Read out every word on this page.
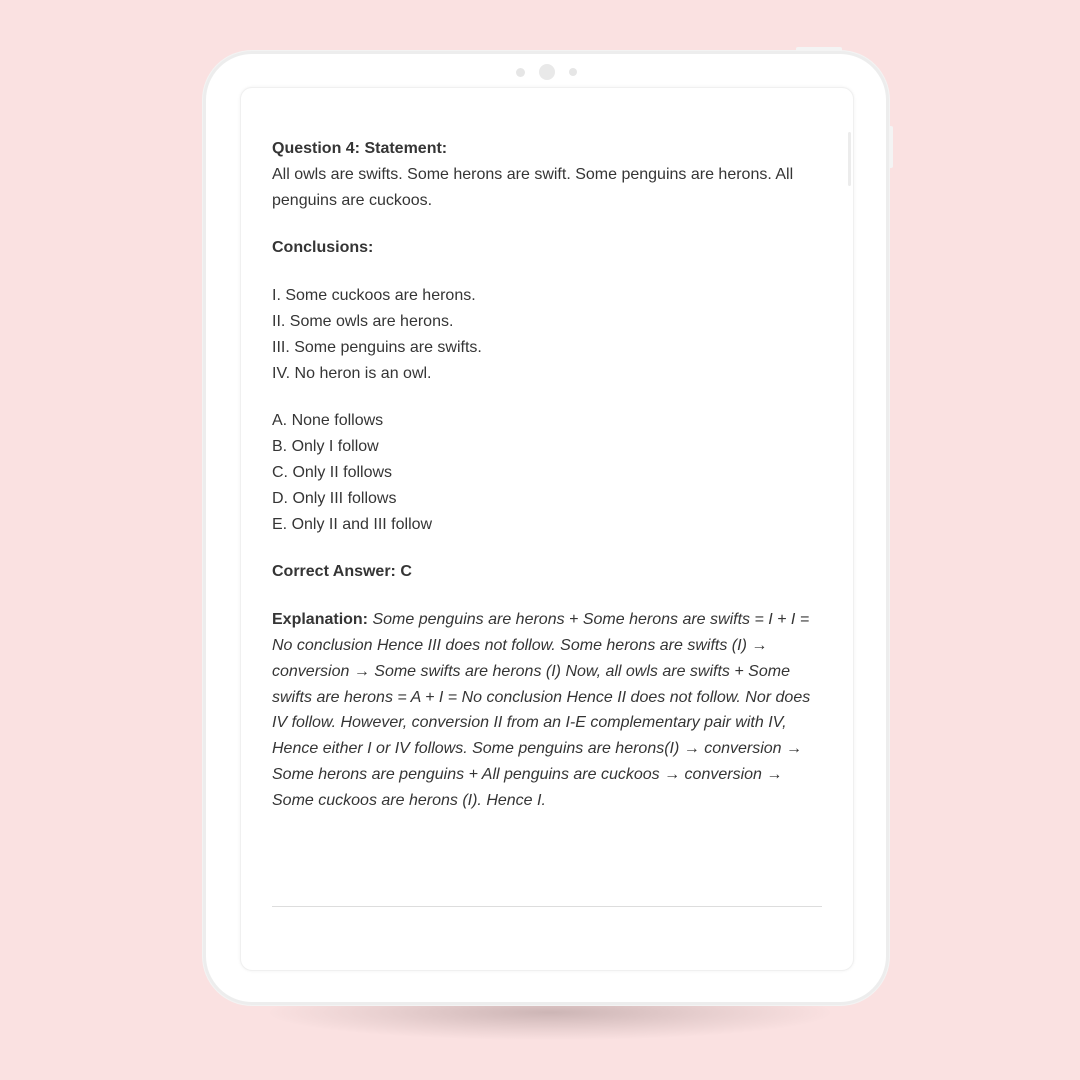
Question 4: Statement:

All owls are swifts. Some herons are swift. Some penguins are herons. All penguins are cuckoos.

Conclusions:

I. Some cuckoos are herons.

II. Some owls are herons.

III. Some penguins are swifts.

IV. No heron is an owl.

A. None follows

B. Only I follow

C. Only II follows

D. Only III follows

E. Only II and III follow

Correct Answer: C

Explanation: Some penguins are herons + Some herons are swifts = I + I = No conclusion Hence III does not follow. Some herons are swifts (I) → conversion → Some swifts are herons (I) Now, all owls are swifts + Some swifts are herons = A + I = No conclusion Hence II does not follow. Nor does IV follow. However, conversion II from an I-E complementary pair with IV, Hence either I or IV follows. Some penguins are herons(I) → conversion → Some herons are penguins + All penguins are cuckoos → conversion → Some cuckoos are herons (I). Hence I.
